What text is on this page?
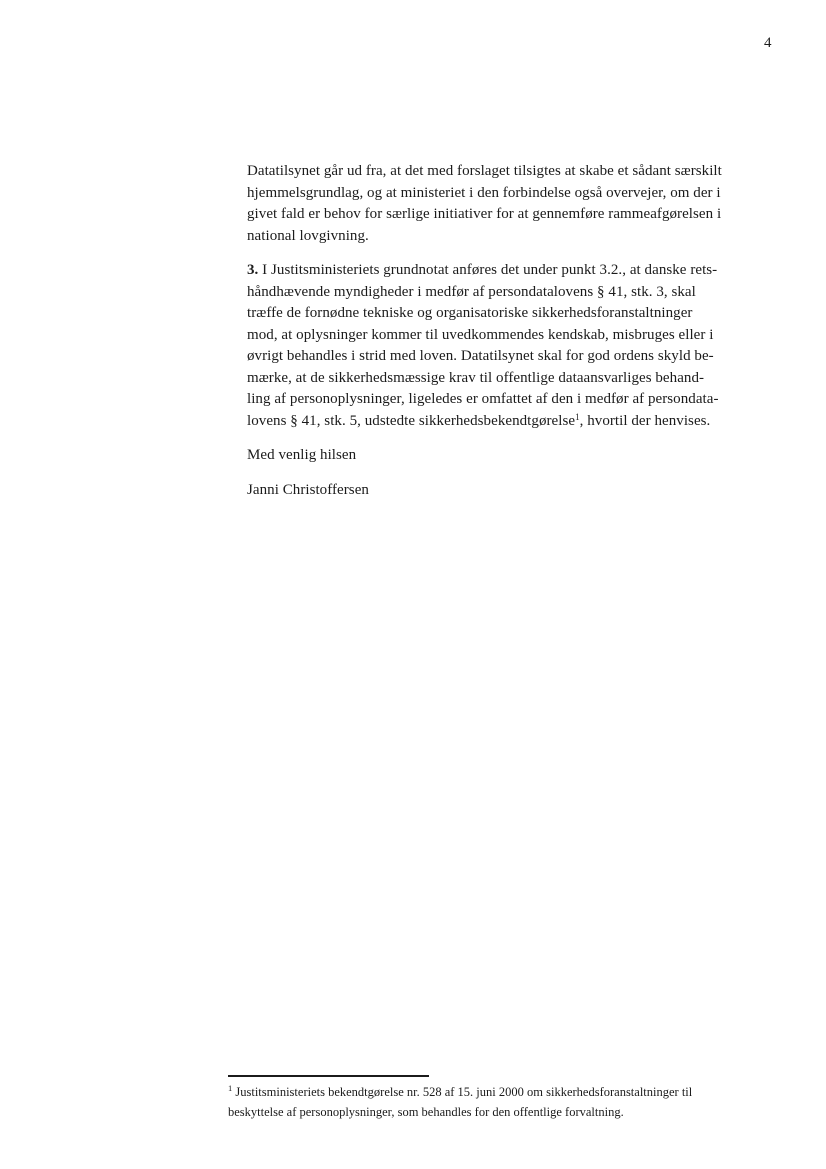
4

Datatilsynet går ud fra, at det med forslaget tilsigtes at skabe et sådant særskilt
hjemmelsgrundlag, og at ministeriet i den forbindelse også overvejer, om der i
givet fald er behov for særlige initiativer for at gennemføre rammeafgørelsen i
national lovgivning.

3. I Justitsministeriets grundnotat anføres det under punkt 3.2., at danske rets-
håndhævende myndigheder i medfør af persondatalovens § 41, stk. 3, skal
træffe de fornødne tekniske og organisatoriske sikkerhedsforanstaltninger
mod, at oplysninger kommer til uvedkommendes kendskab, misbruges eller i
øvrigt behandles i strid med loven. Datatilsynet skal for god ordens skyld be-
mærke, at de sikkerhedsmæssige krav til offentlige dataansvarliges behand-
ling af personoplysninger, ligeledes er omfattet af den i medfør af persondata-
lovens § 41, stk. 5, udstedte sikkerhedsbekendtgørelse$^1$, hvortil der henvises.

Med venlig hilsen

Janni Christoffersen

$^1$ Justitsministeriets bekendtgørelse nr. 528 af 15. juni 2000 om sikkerhedsforanstaltninger til
beskyttelse af personoplysninger, som behandles for den offentlige forvaltning.
